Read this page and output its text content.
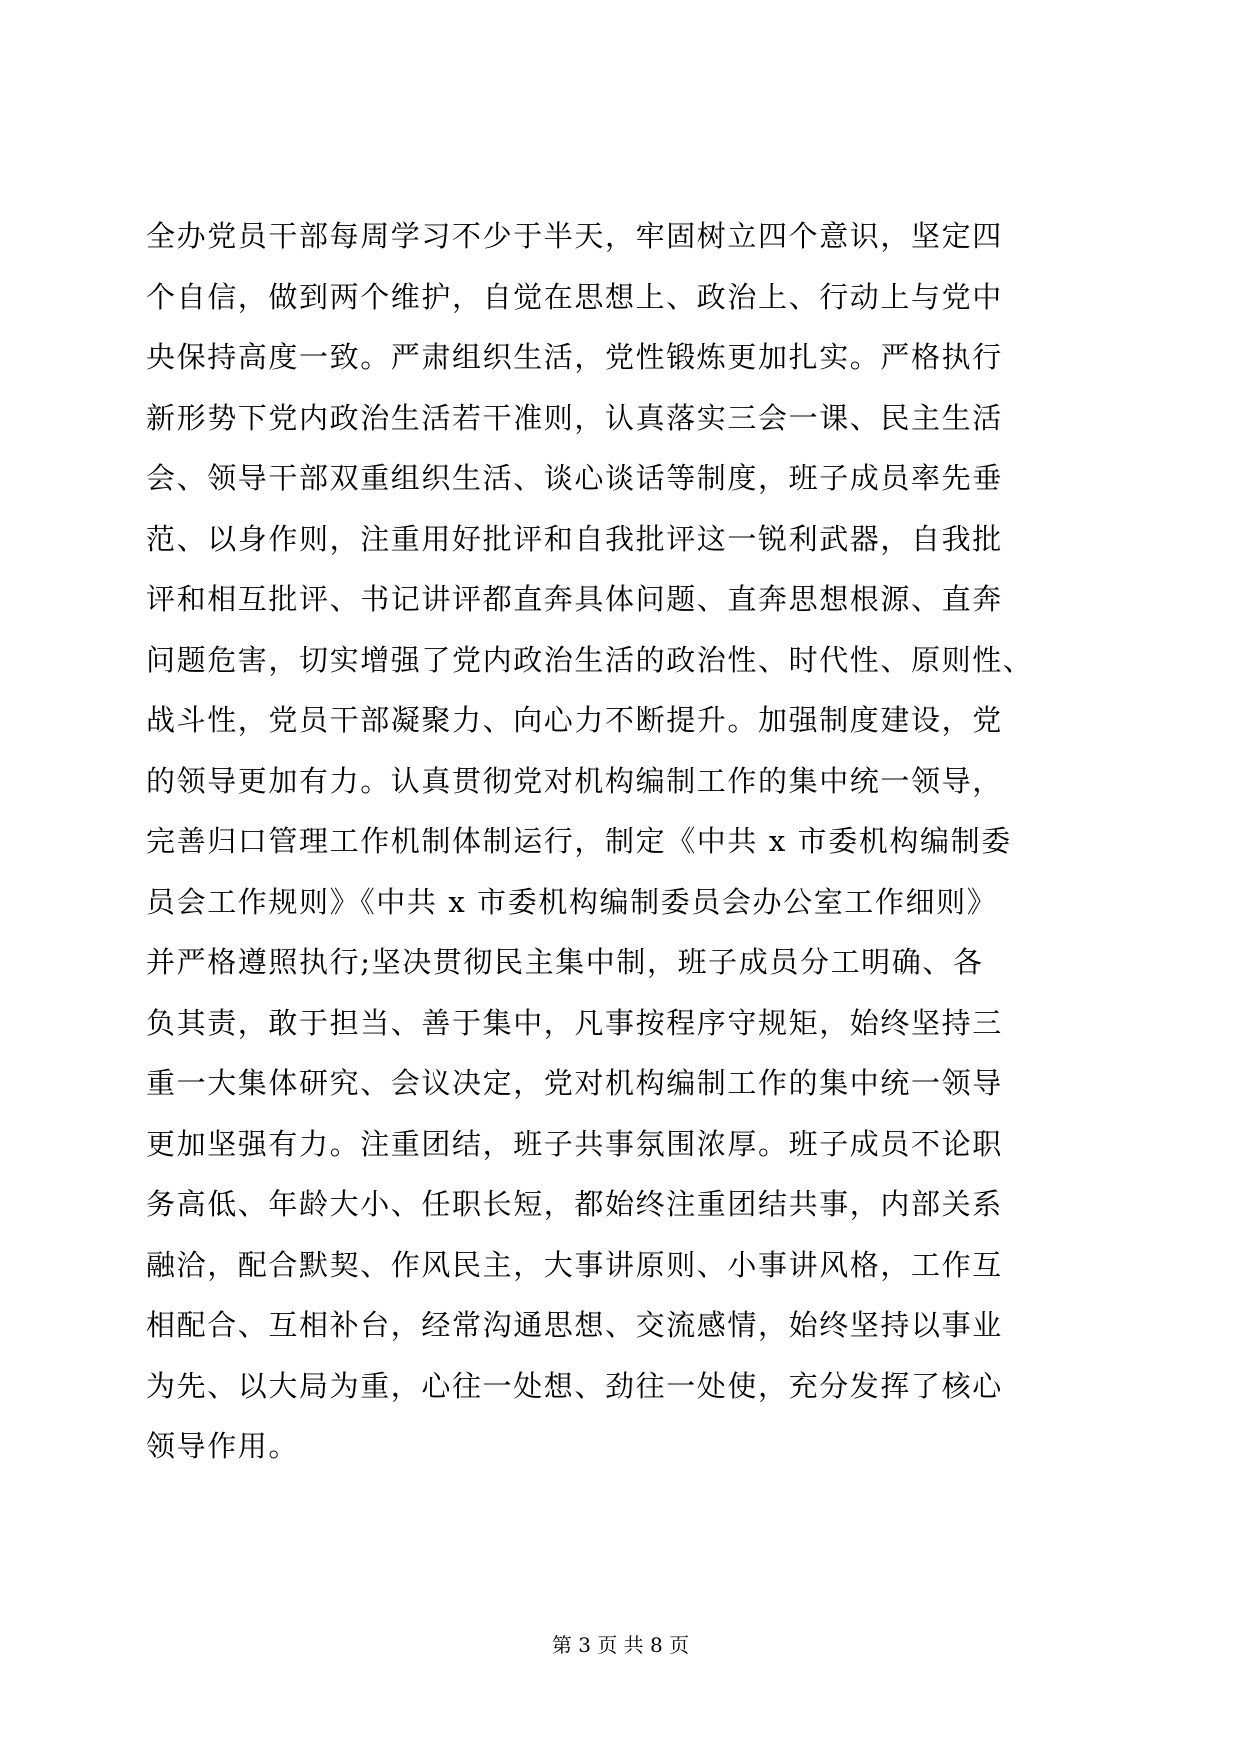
全办党员干部每周学习不少于半天，牢固树立四个意识，坚定四
个自信，做到两个维护，自觉在思想上、政治上、行动上与党中
央保持高度一致。严肃组织生活，党性锻炼更加扎实。严格执行
新形势下党内政治生活若干准则，认真落实三会一课、民主生活
会、领导干部双重组织生活、谈心谈话等制度，班子成员率先垂
范、以身作则，注重用好批评和自我批评这一锐利武器，自我批
评和相互批评、书记讲评都直奔具体问题、直奔思想根源、直奔
问题危害，切实增强了党内政治生活的政治性、时代性、原则性、
战斗性，党员干部凝聚力、向心力不断提升。加强制度建设，党
的领导更加有力。认真贯彻党对机构编制工作的集中统一领导，
完善归口管理工作机制体制运行，制定《中共 x 市委机构编制委
员会工作规则》《中共 x 市委机构编制委员会办公室工作细则》
并严格遵照执行;坚决贯彻民主集中制，班子成员分工明确、各
负其责，敢于担当、善于集中，凡事按程序守规矩，始终坚持三
重一大集体研究、会议决定，党对机构编制工作的集中统一领导
更加坚强有力。注重团结，班子共事氛围浓厚。班子成员不论职
务高低、年龄大小、任职长短，都始终注重团结共事，内部关系
融洽，配合默契、作风民主，大事讲原则、小事讲风格，工作互
相配合、互相补台，经常沟通思想、交流感情，始终坚持以事业
为先、以大局为重，心往一处想、劲往一处使，充分发挥了核心
领导作用。
第 3 页 共 8 页
